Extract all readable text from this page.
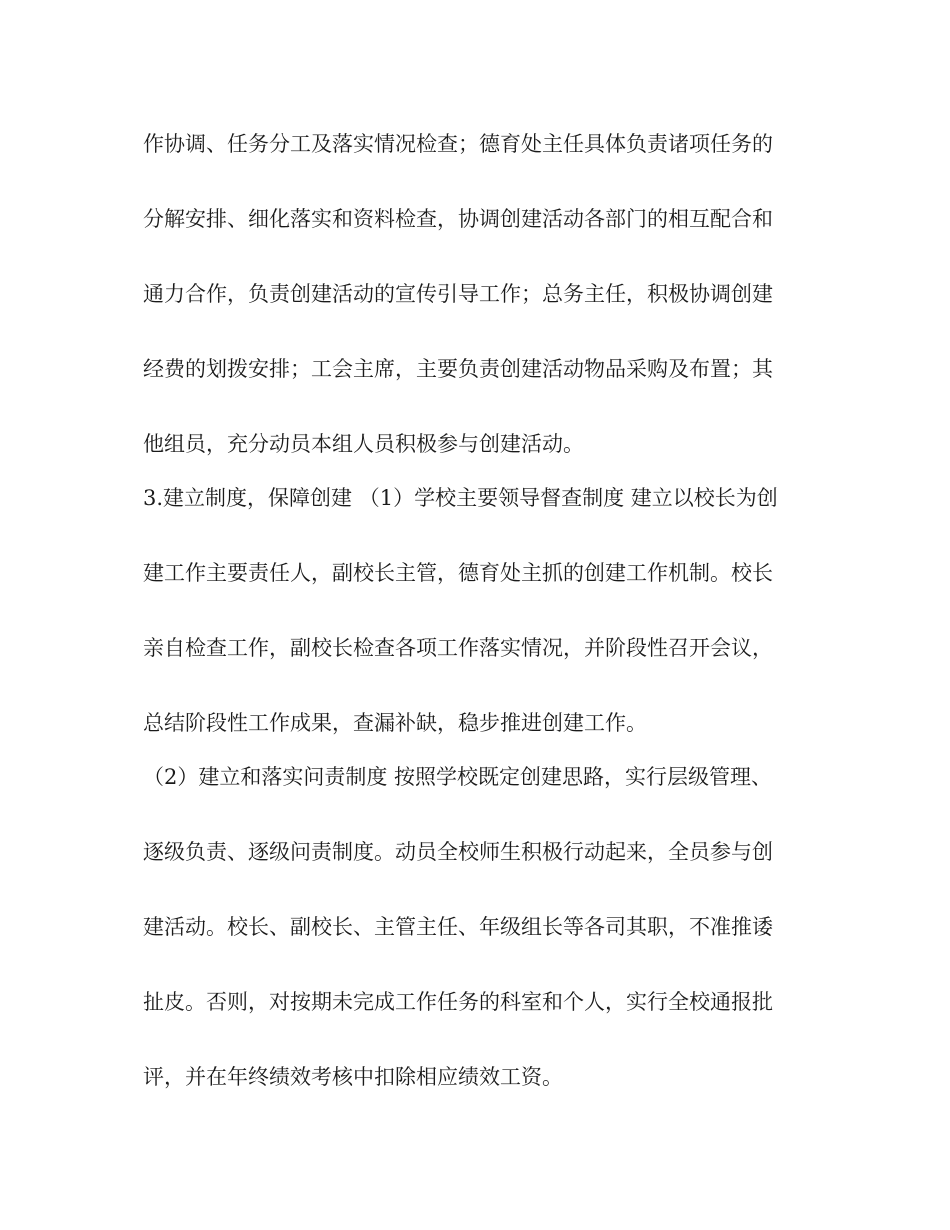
作协调、任务分工及落实情况检查；德育处主任具体负责诸项任务的
分解安排、细化落实和资料检查，协调创建活动各部门的相互配合和
通力合作，负责创建活动的宣传引导工作；总务主任，积极协调创建
经费的划拨安排；工会主席，主要负责创建活动物品采购及布置；其
他组员，充分动员本组人员积极参与创建活动。
3.建立制度，保障创建 （1）学校主要领导督查制度 建立以校长为创
建工作主要责任人，副校长主管，德育处主抓的创建工作机制。校长
亲自检查工作，副校长检查各项工作落实情况，并阶段性召开会议，
总结阶段性工作成果，查漏补缺，稳步推进创建工作。
（2）建立和落实问责制度 按照学校既定创建思路，实行层级管理、
逐级负责、逐级问责制度。动员全校师生积极行动起来，全员参与创
建活动。校长、副校长、主管主任、年级组长等各司其职，不准推诿
扯皮。否则，对按期未完成工作任务的科室和个人，实行全校通报批
评，并在年终绩效考核中扣除相应绩效工资。
